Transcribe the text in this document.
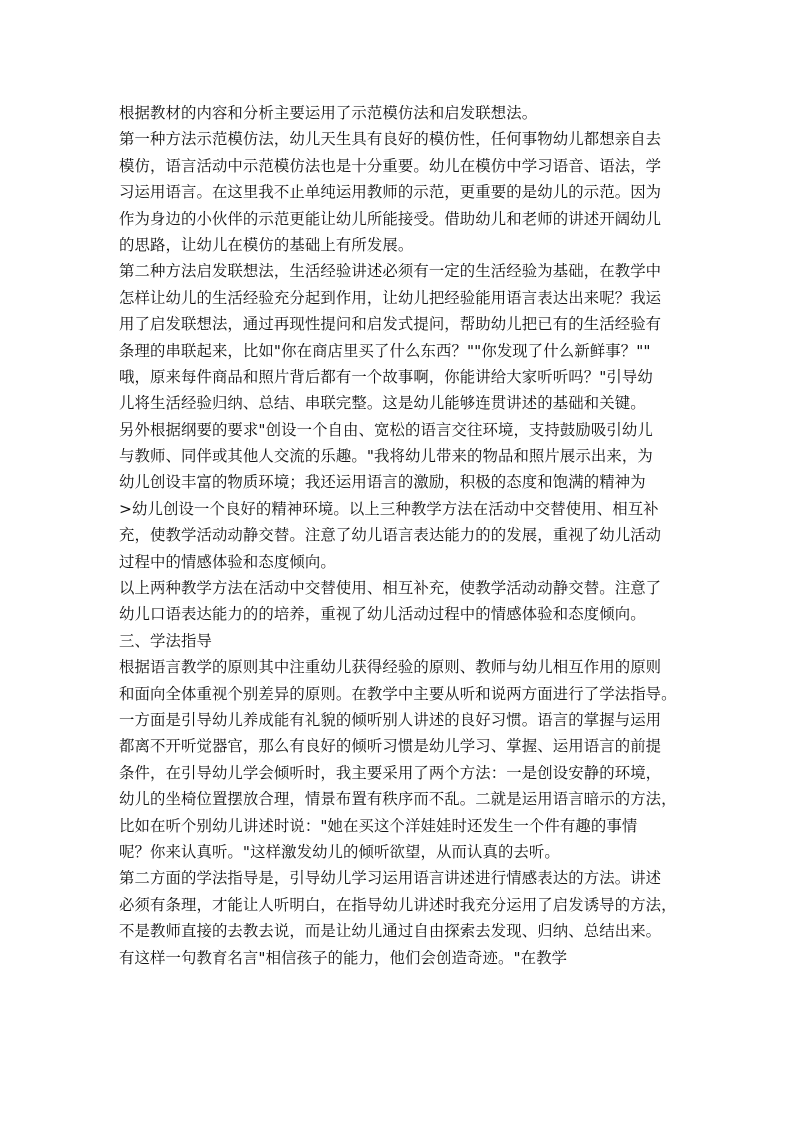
根据教材的内容和分析主要运用了示范模仿法和启发联想法。
第一种方法示范模仿法，幼儿天生具有良好的模仿性，任何事物幼儿都想亲自去
模仿，语言活动中示范模仿法也是十分重要。幼儿在模仿中学习语音、语法，学
习运用语言。在这里我不止单纯运用教师的示范，更重要的是幼儿的示范。因为
作为身边的小伙伴的示范更能让幼儿所能接受。借助幼儿和老师的讲述开阔幼儿
的思路，让幼儿在模仿的基础上有所发展。
第二种方法启发联想法，生活经验讲述必须有一定的生活经验为基础，在教学中
怎样让幼儿的生活经验充分起到作用，让幼儿把经验能用语言表达出来呢？我运
用了启发联想法，通过再现性提问和启发式提问，帮助幼儿把已有的生活经验有
条理的串联起来，比如"你在商店里买了什么东西？""你发现了什么新鲜事？""
哦，原来每件商品和照片背后都有一个故事啊，你能讲给大家听听吗？"引导幼
儿将生活经验归纳、总结、串联完整。这是幼儿能够连贯讲述的基础和关键。
另外根据纲要的要求"创设一个自由、宽松的语言交往环境，支持鼓励吸引幼儿
与教师、同伴或其他人交流的乐趣。"我将幼儿带来的物品和照片展示出来，为
幼儿创设丰富的物质环境；我还运用语言的激励，积极的态度和饱满的精神为
>幼儿创设一个良好的精神环境。以上三种教学方法在活动中交替使用、相互补
充，使教学活动动静交替。注意了幼儿语言表达能力的的发展，重视了幼儿活动
过程中的情感体验和态度倾向。
以上两种教学方法在活动中交替使用、相互补充，使教学活动动静交替。注意了
幼儿口语表达能力的的培养，重视了幼儿活动过程中的情感体验和态度倾向。
三、学法指导
根据语言教学的原则其中注重幼儿获得经验的原则、教师与幼儿相互作用的原则
和面向全体重视个别差异的原则。在教学中主要从听和说两方面进行了学法指导。
一方面是引导幼儿养成能有礼貌的倾听别人讲述的良好习惯。语言的掌握与运用
都离不开听觉器官，那么有良好的倾听习惯是幼儿学习、掌握、运用语言的前提
条件，在引导幼儿学会倾听时，我主要采用了两个方法：一是创设安静的环境，
幼儿的坐椅位置摆放合理，情景布置有秩序而不乱。二就是运用语言暗示的方法，
比如在听个别幼儿讲述时说："她在买这个洋娃娃时还发生一个件有趣的事情
呢？你来认真听。"这样激发幼儿的倾听欲望，从而认真的去听。
第二方面的学法指导是，引导幼儿学习运用语言讲述进行情感表达的方法。讲述
必须有条理，才能让人听明白，在指导幼儿讲述时我充分运用了启发诱导的方法，
不是教师直接的去教去说，而是让幼儿通过自由探索去发现、归纳、总结出来。
有这样一句教育名言"相信孩子的能力，他们会创造奇迹。"在教学
